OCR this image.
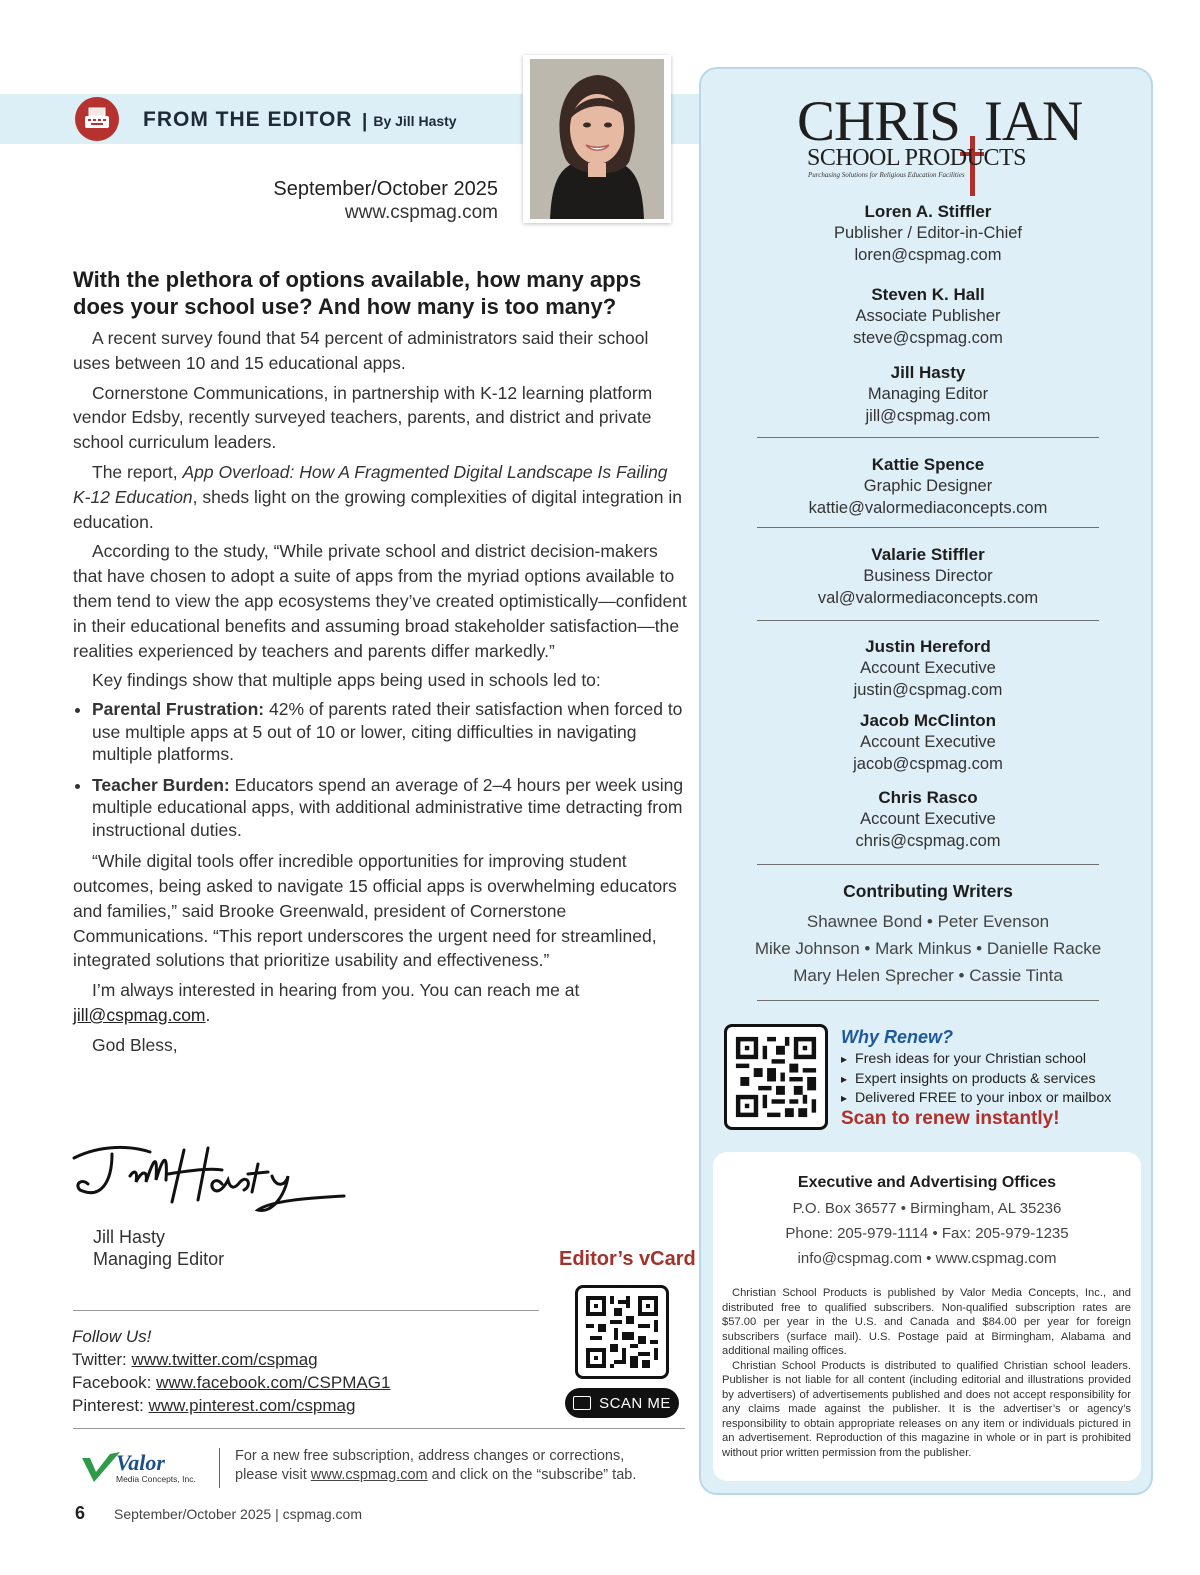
FROM THE EDITOR | By Jill Hasty
September/October 2025
www.cspmag.com
With the plethora of options available, how many apps does your school use? And how many is too many?

A recent survey found that 54 percent of administrators said their school uses between 10 and 15 educational apps.

Cornerstone Communications, in partnership with K-12 learning platform vendor Edsby, recently surveyed teachers, parents, and district and private school curriculum leaders.

The report, App Overload: How A Fragmented Digital Landscape Is Failing K-12 Education, sheds light on the growing complexities of digital integration in education.

According to the study, “While private school and district decision-makers that have chosen to adopt a suite of apps from the myriad options available to them tend to view the app ecosystems they’ve created optimistically—confident in their educational benefits and assuming broad stakeholder satisfaction—the realities experienced by teachers and parents differ markedly.”

Key findings show that multiple apps being used in schools led to:

• Parental Frustration: 42% of parents rated their satisfaction when forced to use multiple apps at 5 out of 10 or lower, citing difficulties in navigating multiple platforms.
• Teacher Burden: Educators spend an average of 2–4 hours per week using multiple educational apps, with additional administrative time detracting from instructional duties.

“While digital tools offer incredible opportunities for improving student outcomes, being asked to navigate 15 official apps is overwhelming educators and families,” said Brooke Greenwald, president of Cornerstone Communications. “This report underscores the urgent need for streamlined, integrated solutions that prioritize usability and effectiveness.”

I’m always interested in hearing from you. You can reach me at jill@cspmag.com.

God Bless,

Jill Hasty
Managing Editor	Editor’s vCard
SCAN ME
Follow Us!
Twitter: www.twitter.com/cspmag
Facebook: www.facebook.com/CSPMAG1
Pinterest: www.pinterest.com/cspmag
Valor
Media Concepts, Inc.
For a new free subscription, address changes or corrections,
please visit www.cspmag.com and click on the “subscribe” tab.
6 September/October 2025 | cspmag.com
CHRIS IAN
SCHOOL PRODUCTS
Purchasing Solutions for Religious Education Facilities
Loren A. Stiffler
Publisher / Editor-in-Chief
loren@cspmag.com
Steven K. Hall
Associate Publisher
steve@cspmag.com
Jill Hasty
Managing Editor
jill@cspmag.com
Kattie Spence
Graphic Designer
kattie@valormediaconcepts.com
Valarie Stiffler
Business Director
val@valormediaconcepts.com
Justin Hereford
Account Executive
justin@cspmag.com
Jacob McClinton
Account Executive
jacob@cspmag.com
Chris Rasco
Account Executive
chris@cspmag.com
Contributing Writers
Shawnee Bond • Peter Evenson
Mike Johnson • Mark Minkus • Danielle Racke
Mary Helen Sprecher • Cassie Tinta
Why Renew?
▸ Fresh ideas for your Christian school
▸ Expert insights on products & services
▸ Delivered FREE to your inbox or mailbox
Scan to renew instantly!
Executive and Advertising Offices
P.O. Box 36577 • Birmingham, AL 35236
Phone: 205-979-1114 • Fax: 205-979-1235
info@cspmag.com • www.cspmag.com

Christian School Products is published by Valor Media Concepts, Inc., and distributed free to qualified subscribers. Non-qualified subscription rates are $57.00 per year in the U.S. and Canada and $84.00 per year for foreign subscribers (surface mail). U.S. Postage paid at Birmingham, Alabama and additional mailing offices.

Christian School Products is distributed to qualified Christian school leaders. Publisher is not liable for all content (including editorial and illustrations provided by advertisers) of advertisements published and does not accept responsibility for any claims made against the publisher. It is the advertiser’s or agency’s responsibility to obtain appropriate releases on any item or individuals pictured in an advertisement. Reproduction of this magazine in whole or in part is prohibited without prior written permission from the publisher.
